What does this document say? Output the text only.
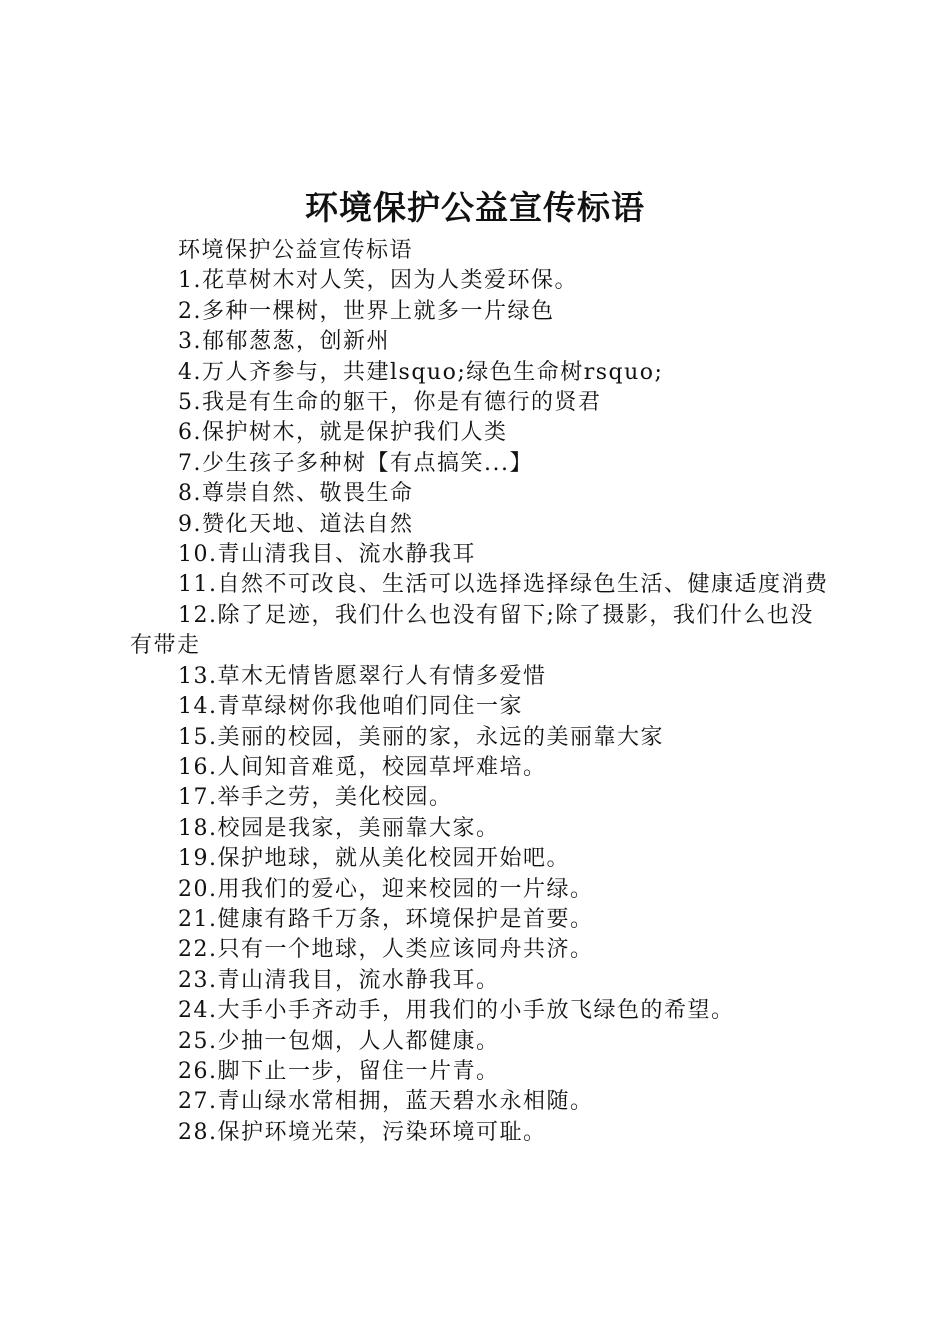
环境保护公益宣传标语
环境保护公益宣传标语
1.花草树木对人笑，因为人类爱环保。
2.多种一棵树，世界上就多一片绿色
3.郁郁葱葱，创新州
4.万人齐参与，共建lsquo;绿色生命树rsquo;
5.我是有生命的躯干，你是有德行的贤君
6.保护树木，就是保护我们人类
7.少生孩子多种树【有点搞笑...】
8.尊崇自然、敬畏生命
9.赞化天地、道法自然
10.青山清我目、流水静我耳
11.自然不可改良、生活可以选择选择绿色生活、健康适度消费
12.除了足迹，我们什么也没有留下;除了摄影，我们什么也没有带走
13.草木无情皆愿翠行人有情多爱惜
14.青草绿树你我他咱们同住一家
15.美丽的校园，美丽的家，永远的美丽靠大家
16.人间知音难觅，校园草坪难培。
17.举手之劳，美化校园。
18.校园是我家，美丽靠大家。
19.保护地球，就从美化校园开始吧。
20.用我们的爱心，迎来校园的一片绿。
21.健康有路千万条，环境保护是首要。
22.只有一个地球，人类应该同舟共济。
23.青山清我目，流水静我耳。
24.大手小手齐动手，用我们的小手放飞绿色的希望。
25.少抽一包烟，人人都健康。
26.脚下止一步，留住一片青。
27.青山绿水常相拥，蓝天碧水永相随。
28.保护环境光荣，污染环境可耻。
